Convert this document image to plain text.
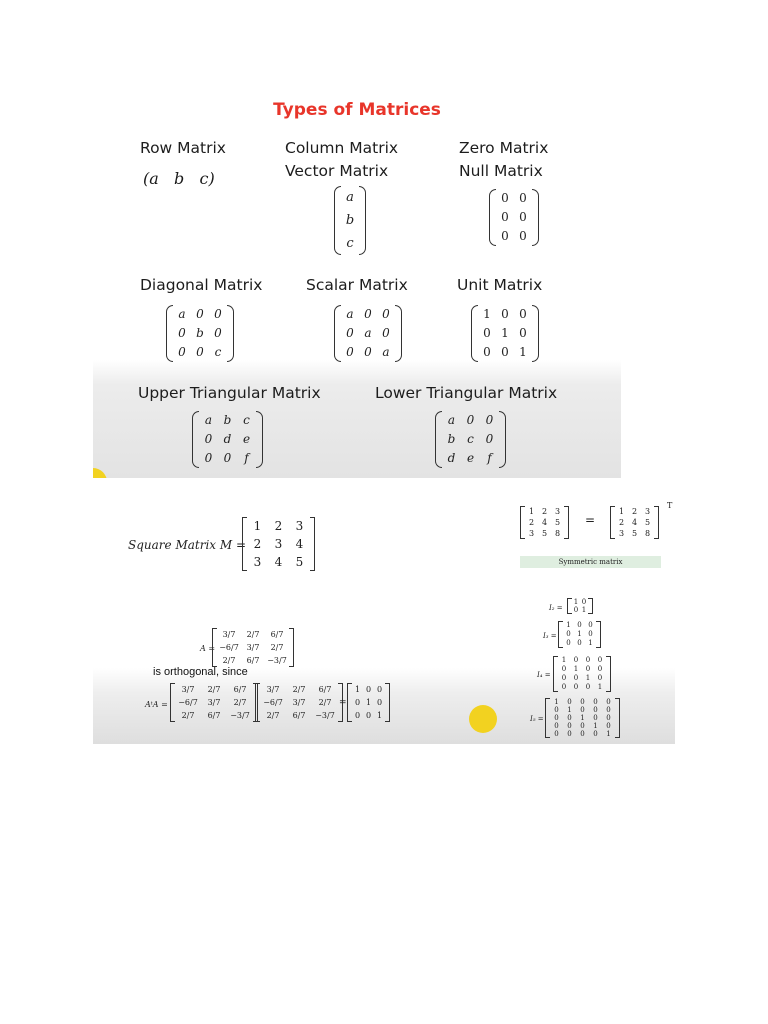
Types of Matrices
Row Matrix
(a   b   c)
Column Matrix
Vector Matrix
a
b
c
Zero Matrix
Null Matrix
0 0
0 0
0 0
Diagonal Matrix
a 0 0
0 b 0
0 0 c
Scalar Matrix
a 0 0
0 a 0
0 0 a
Unit Matrix
1 0 0
0 1 0
0 0 1
Upper Triangular Matrix
a b c
0 d e
0 0	f
Lower Triangular Matrix
a 0 0
b c 0
d e	f
Square Matrix M =
1	2	3
2	3	4
3	4	5
1 2 3
2 4 5
3 5 8
=
1 2 3
2 4 5
3 5 8
T
Symmetric matrix
A =
3/7	2/7	6/7
−6/7 3/7	2/7
2/7	6/7 −3/7
is orthogonal, since
AᵗA =
3/7	2/7	6/7
−6/7	3/7	2/7
2/7	6/7	−3/7
3/7	2/7	6/7
−6/7	3/7	2/7
2/7	6/7	−3/7
=
1 0 0
0 1 0
0 0 1
I₂ =
1 0
0 1
I₃ =
1 0 0
0 1 0
0 0 1
I₄ =
1	0	0	0
0	1	0	0
0	0	1	0
0	0	0	1
I₅ =
1	0	0	0	0
0	1	0	0	0
0	0	1	0	0
0	0	0	1	0
0	0	0	0	1
